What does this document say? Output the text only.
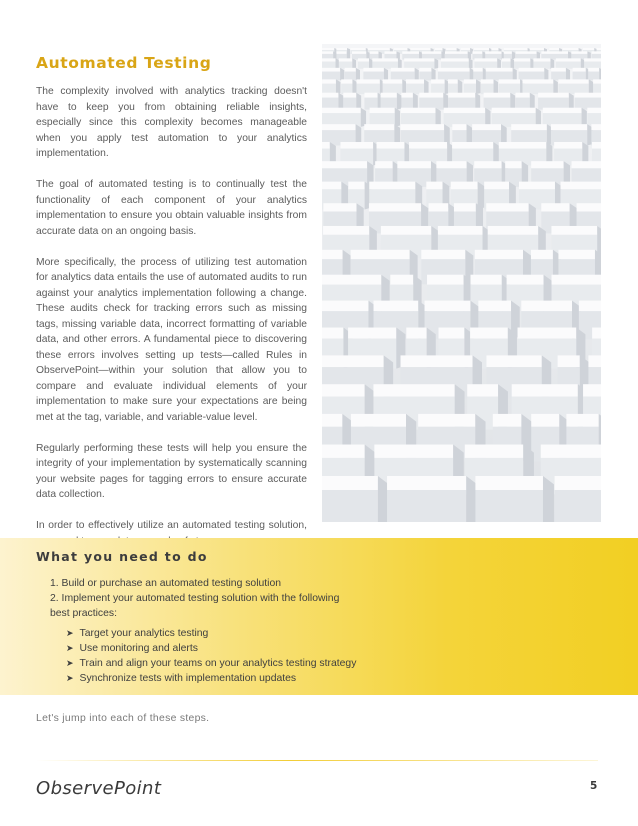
Automated Testing

The complexity involved with analytics tracking doesn't have to keep you from obtaining reliable insights, especially since this complexity becomes manageable when you apply test automation to your analytics implementation.

The goal of automated testing is to continually test the functionality of each component of your analytics implementation to ensure you obtain valuable insights from accurate data on an ongoing basis.

More specifically, the process of utilizing test automation for analytics data entails the use of automated audits to run against your analytics implementation following a change. These audits check for tracking errors such as missing tags, missing variable data, incorrect formatting of variable data, and other errors. A fundamental piece to discovering these errors involves setting up tests—called Rules in ObservePoint—within your solution that allow you to compare and evaluate individual elements of your implementation to make sure your expectations are being met at the tag, variable, and variable-value level.

Regularly performing these tests will help you ensure the integrity of your implementation by systematically scanning your website pages for tagging errors to ensure accurate data collection.

In order to effectively utilize an automated testing solution,

What you need to do

1. Build or purchase an automated testing solution

2. Implement your automated testing solution with the following best practices:

➤ Target your analytics testing
➤ Use monitoring and alerts
➤ Train and align your teams on your analytics testing strategy
➤ Synchronize tests with implementation updates

Let's jump into each of these steps.

ObservePoint	5
